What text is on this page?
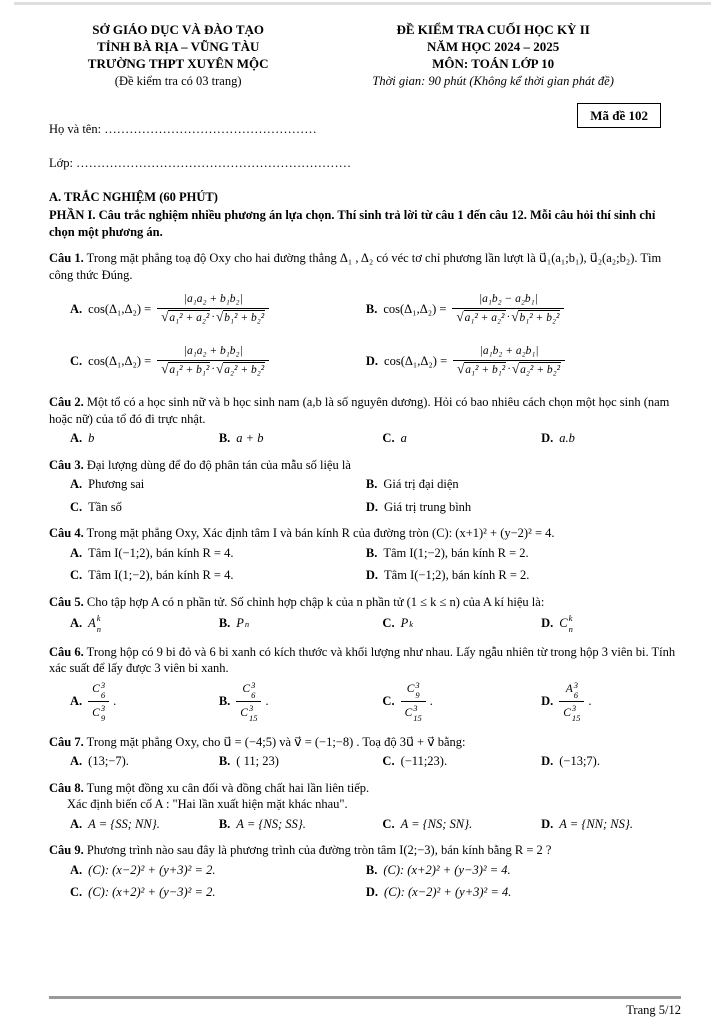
SỞ GIÁO DỤC VÀ ĐÀO TẠO
TỈNH BÀ RỊA – VŨNG TÀU
TRƯỜNG THPT XUYÊN MỘC
(Đề kiểm tra có 03 trang)
ĐỀ KIỂM TRA CUỐI HỌC KỲ II
NĂM HỌC 2024 – 2025
MÔN: TOÁN LỚP 10
Thời gian: 90 phút (Không kể thời gian phát đề)
Mã đề 102
Họ và tên: ……………………………………………
Lớp: …………………………………………………………
A. TRẮC NGHIỆM (60 PHÚT)
PHẦN I. Câu trắc nghiệm nhiều phương án lựa chọn. Thí sinh trả lời từ câu 1 đến câu 12. Mỗi câu hỏi thí sinh chỉ chọn một phương án.

Câu 1. Trong mặt phẳng toạ độ Oxy cho hai đường thẳng Δ₁ , Δ₂ có véc tơ chỉ phương lần lượt là u⃗₁(a₁;b₁), u⃗₂(a₂;b₂). Tìm công thức Đúng.

A. $\cos(\Delta_1,\Delta_2) = \frac{\text{|a₁a₂ + b₁b₂|}}{\text{√ a₁² + a₂² · √ b₁² + b₂²}}$	B. $\cos(\Delta_1,\Delta_2) = \frac{\text{|a₁b₂ − a₂b₁|}}{\text{√ a₁² + a₂² · √ b₁² + b₂²}}$
C. $\cos(\Delta_1,\Delta_2) = \frac{\text{|a₁a₂ + b₁b₂|}}{\text{√ a₁² + b₁² · √ a₂² + b₂²}}$	D. $\cos(\Delta_1,\Delta_2) = \frac{\text{|a₁b₂ + a₂b₁|}}{\text{√ a₁² + b₁² · √ a₂² + b₂²}}$

Câu 2. Một tổ có a học sinh nữ và b học sinh nam (a,b là số nguyên dương). Hỏi có bao nhiêu cách chọn một học sinh (nam hoặc nữ) của tổ đó đi trực nhật.

A. b	B. a + b	C. a	D. a.b

Câu 3. Đại lượng dùng để đo độ phân tán của mẫu số liệu là

A. Phương sai	B. Giá trị đại diện
C. Tần số	D. Giá trị trung bình

Câu 4. Trong mặt phẳng Oxy, Xác định tâm I và bán kính R của đường tròn (C): (x+1)² + (y−2)² = 4.

A. Tâm I(−1;2), bán kính R = 4.	B. Tâm I(1;−2), bán kính R = 2.
C. Tâm I(1;−2), bán kính R = 4.	D. Tâm I(−1;2), bán kính R = 2.

Câu 5. Cho tập hợp A có n phần tử. Số chỉnh hợp chập k của n phần tử (1 ≤ k ≤ n) của A kí hiệu là:

A. A k
n	B. P n	C. P k	D. C k
n

Câu 6. Trong hộp có 9 bi đỏ và 6 bi xanh có kích thước và khối lượng như nhau. Lấy ngẫu nhiên từ trong hộp 3 viên bi. Tính xác suất để lấy được 3 viên bi xanh.

A. C 3
6
C 3
9 .	B. C 3
6
C 3
15 .	C. C 3
9
C 3
15 .	D. A 3
6
C 3
15 .

Câu 7. Trong mặt phẳng Oxy, cho u⃗ = (−4;5) và v⃗ = (−1;−8) . Toạ độ 3u⃗ + v⃗ bằng:

A. (13;−7).	B. ( 11; 23)	C. (−11;23).	D. (−13;7).

Câu 8. Tung một đồng xu cân đối và đồng chất hai lần liên tiếp.

Xác định biến cố A : "Hai lần xuất hiện mặt khác nhau".

A. A = {SS; NN}.	B. A = {NS; SS}.	C. A = {NS; SN}.	D. A = {NN; NS}.

Câu 9. Phương trình nào sau đây là phương trình của đường tròn tâm I(2;−3), bán kính bằng R = 2 ?

A. (C): (x−2)² + (y+3)² = 2.	B. (C): (x+2)² + (y−3)² = 4.
C. (C): (x+2)² + (y−3)² = 2.	D. (C): (x−2)² + (y+3)² = 4.
Trang 5/12
